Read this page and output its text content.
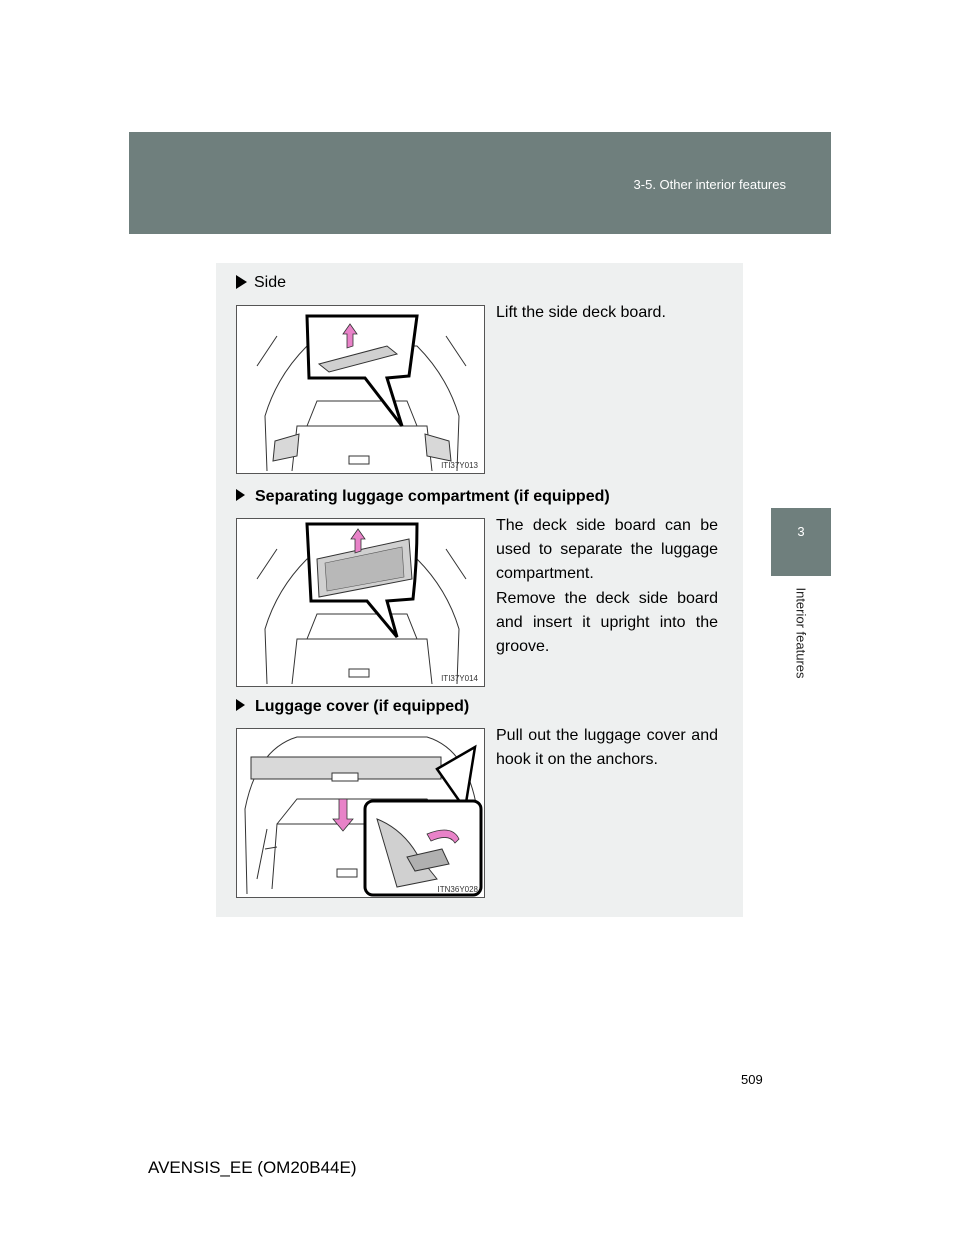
3-5. Other interior features
3
Interior features
Side

Lift the side deck board.

ITI37Y013
Separating luggage compartment (if equipped)

The deck side board can be used to separate the luggage compartment.

Remove the deck side board and insert it upright into the groove.

ITI37Y014
Luggage cover (if equipped)

Pull out the luggage cover and hook it on the anchors.

ITN36Y028
509
AVENSIS_EE (OM20B44E)
